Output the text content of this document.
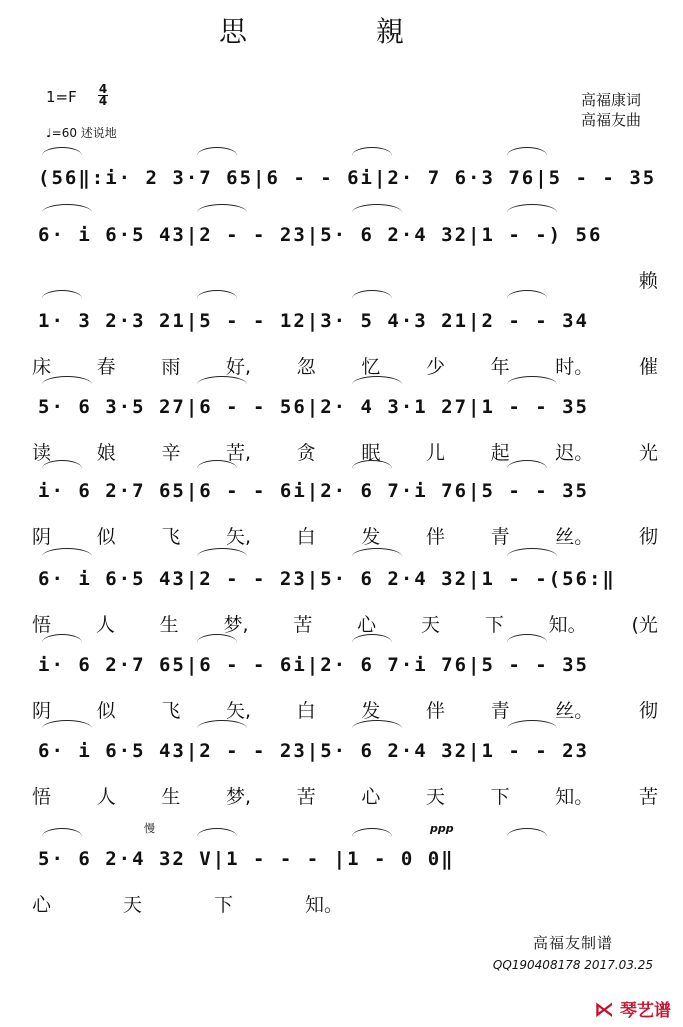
思 親
1=F 4
4
♩=60 述说地
高福康词
高福友曲
(56‖:i· 2 3·7 65|6 - - 6i|2· 7 6·3 76|5 - - 35
6· i 6·5 43|2 - - 23|5· 6 2·4 32|1 - -) 56
赖
1· 3 2·3 21|5 - - 12|3· 5 4·3 21|2 - - 34
床 春 雨 好, 忽 忆 少 年 时。 催
5· 6 3·5 27|6 - - 56|2· 4 3·1 27|1 - - 35
读 娘 辛 苦, 贪 眠 儿 起 迟。 光
i· 6 2·7 65|6 - - 6i|2· 6 7·i 76|5 - - 35
阴 似 飞 矢, 白 发 伴 青 丝。 彻
6· i 6·5 43|2 - - 23|5· 6 2·4 32|1 - -(56:‖
悟 人 生 梦, 苦 心 天 下 知。 (光
i· 6 2·7 65|6 - - 6i|2· 6 7·i 76|5 - - 35
阴 似 飞 矢, 白 发 伴 青 丝。 彻
6· i 6·5 43|2 - - 23|5· 6 2·4 32|1 - - 23
悟 人 生 梦, 苦 心 天 下 知。 苦
5· 6 2·4 32 V|1 - - - |1 - 0 0‖
心	天	下	知。
慢	ppp
高福友制谱
QQ190408178 2017.03.25
⋉ 琴艺谱
